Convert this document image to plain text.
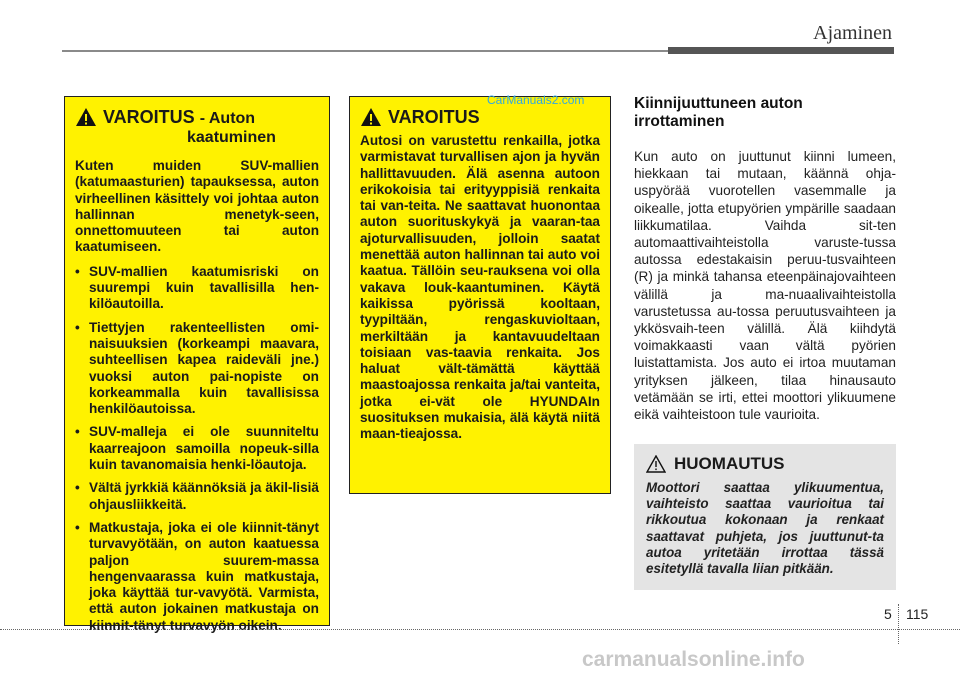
Ajaminen
VAROITUS - Auton
kaatuminen
Kuten muiden SUV-mallien (katumaasturien) tapauksessa, auton virheellinen käsittely voi johtaa auton hallinnan menetyk-seen, onnettomuuteen tai auton kaatumiseen.
• SUV-mallien kaatumisriski on suurempi kuin tavallisilla hen-kilöautoilla.
• Tiettyjen rakenteellisten omi-naisuuksien (korkeampi maavara, suhteellisen kapea raideväli jne.) vuoksi auton pai-nopiste on korkeammalla kuin tavallisissa henkilöautoissa.
• SUV-malleja ei ole suunniteltu kaarreajoon samoilla nopeuk-silla kuin tavanomaisia henki-löautoja.
• Vältä jyrkkiä käännöksiä ja äkil-lisiä ohjausliikkeitä.
• Matkustaja, joka ei ole kiinnit-tänyt turvavyötään, on auton kaatuessa paljon suurem-massa hengenvaarassa kuin matkustaja, joka käyttää tur-vavyötä. Varmista, että auton jokainen matkustaja on kiinnit-tänyt turvavyön oikein.
VAROITUS
Autosi on varustettu renkailla, jotka varmistavat turvallisen ajon ja hyvän hallittavuuden. Älä asenna autoon erikokoisia tai erityyppisiä renkaita tai van-teita. Ne saattavat huonontaa auton suorituskykyä ja vaaran-taa ajoturvallisuuden, jolloin saatat menettää auton hallinnan tai auto voi kaatua. Tällöin seu-rauksena voi olla vakava louk-kaantuminen. Käytä kaikissa pyörissä kooltaan, tyypiltään, rengaskuvioltaan, merkiltään ja kantavuudeltaan toisiaan vas-taavia renkaita. Jos haluat vält-tämättä käyttää maastoajossa renkaita ja/tai vanteita, jotka ei-vät ole HYUNDAIn suosituksen mukaisia, älä käytä niitä maan-tieajossa.
CarManuals2.com	Kiinnijuuttuneen auton irrottaminen
Kun auto on juuttunut kiinni lumeen, hiekkaan tai mutaan, käännä ohja-uspyörää vuorotellen vasemmalle ja oikealle, jotta etupyörien ympärille saadaan liikkumatilaa. Vaihda sit-ten automaattivaihteistolla varuste-tussa autossa edestakaisin peruu-tusvaihteen (R) ja minkä tahansa eteenpäinajovaihteen välillä ja ma-nuaalivaihteistolla varustetussa au-tossa peruutusvaihteen ja ykkösvaih-teen välillä. Älä kiihdytä voimakkaasti vaan vältä pyörien luistattamista. Jos auto ei irtoa muutaman yrityksen jälkeen, tilaa hinausauto vetämään se irti, ettei moottori ylikuumene eikä vaihteistoon tule vaurioita.
HUOMAUTUS
Moottori saattaa ylikuumentua, vaihteisto saattaa vaurioitua tai rikkoutua kokonaan ja renkaat saattavat puhjeta, jos juuttunut-ta autoa yritetään irrottaa tässä esitetyllä tavalla liian pitkään.
5 115
carmanualsonline.info
